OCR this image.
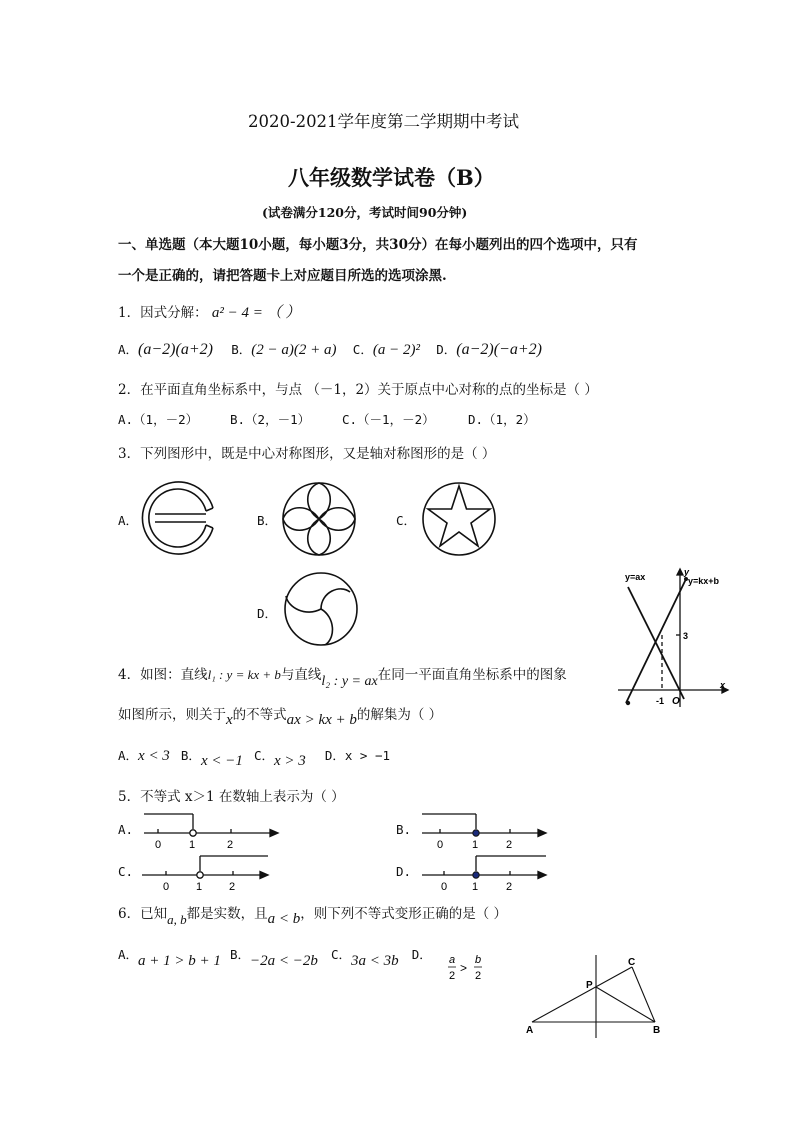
2020-2021学年度第二学期期中考试
八年级数学试卷（B）
(试卷满分120分，考试时间90分钟)
一、单选题（本大题10小题，每小题3分，共30分）在每小题列出的四个选项中，只有
一个是正确的，请把答题卡上对应题目所选的选项涂黑.
1．因式分解： a² − 4 = （ ）
A．(a−2)(a+2) B．(2 − a)(2 + a) C．(a − 2)² D．(a−2)(−a+2)
2．在平面直角坐标系中，与点 （－1，2）关于原点中心对称的点的坐标是（ ）
A.（1，－2）	B.（2，－1）	C.（－1，－2）	D.（1，2）
3．下列图形中，既是中心对称图形，又是轴对称图形的是（ ）
A．	B．	C．
D．
y=ax	y=kx+b
y
x
3
-1 O
4．如图：直线l₁ : y = kx + b与直线l₂ : y = ax在同一平面直角坐标系中的图象
如图所示，则关于x的不等式ax > kx + b的解集为（ ）
A．x < 3 B．x < −1 C．x > 3 D．x > −1
5．不等式 x＞1 在数轴上表示为（ ）
A.
0	1	2
B.
0	1	2
C.
0 1 2
D.
0 1	2
6．已知a, b都是实数，且a < b，则下列不等式变形正确的是（ ）
A．a + 1 > b + 1 B．−2a < −2b C．3a < 3b D． a
2
>
b
2
A	B
C
P
